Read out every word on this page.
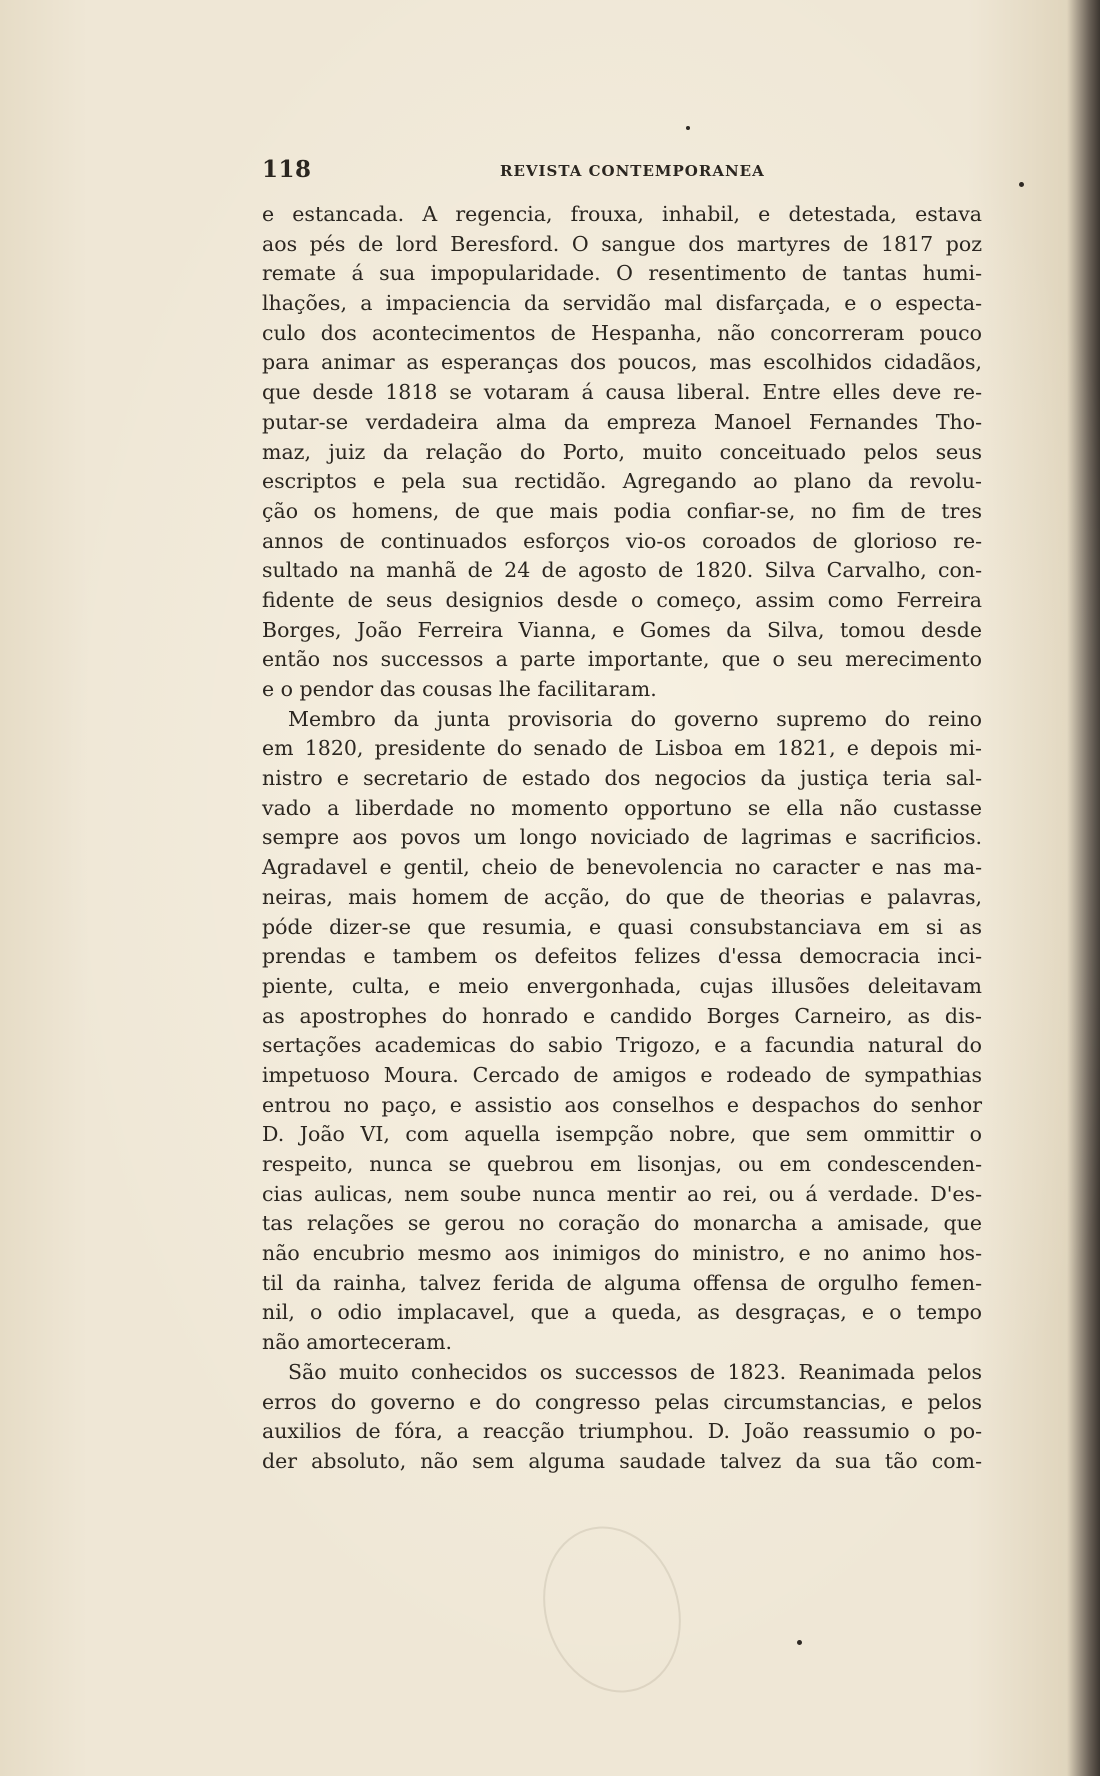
118	REVISTA CONTEMPORANEA
e estancada. A regencia, frouxa, inhabil, e detestada, estava
aos pés de lord Beresford. O sangue dos martyres de 1817 poz
remate á sua impopularidade. O resentimento de tantas humi-
lhações, a impaciencia da servidão mal disfarçada, e o especta-
culo dos acontecimentos de Hespanha, não concorreram pouco
para animar as esperanças dos poucos, mas escolhidos cidadãos,
que desde 1818 se votaram á causa liberal. Entre elles deve re-
putar-se verdadeira alma da empreza Manoel Fernandes Tho-
maz, juiz da relação do Porto, muito conceituado pelos seus
escriptos e pela sua rectidão. Agregando ao plano da revolu-
ção os homens, de que mais podia confiar-se, no fim de tres
annos de continuados esforços vio-os coroados de glorioso re-
sultado na manhã de 24 de agosto de 1820. Silva Carvalho, con-
fidente de seus designios desde o começo, assim como Ferreira
Borges, João Ferreira Vianna, e Gomes da Silva, tomou desde
então nos successos a parte importante, que o seu merecimento
e o pendor das cousas lhe facilitaram.
Membro da junta provisoria do governo supremo do reino
em 1820, presidente do senado de Lisboa em 1821, e depois mi-
nistro e secretario de estado dos negocios da justiça teria sal-
vado a liberdade no momento opportuno se ella não custasse
sempre aos povos um longo noviciado de lagrimas e sacrificios.
Agradavel e gentil, cheio de benevolencia no caracter e nas ma-
neiras, mais homem de acção, do que de theorias e palavras,
póde dizer-se que resumia, e quasi consubstanciava em si as
prendas e tambem os defeitos felizes d'essa democracia inci-
piente, culta, e meio envergonhada, cujas illusões deleitavam
as apostrophes do honrado e candido Borges Carneiro, as dis-
sertações academicas do sabio Trigozo, e a facundia natural do
impetuoso Moura. Cercado de amigos e rodeado de sympathias
entrou no paço, e assistio aos conselhos e despachos do senhor
D. João VI, com aquella isempção nobre, que sem ommittir o
respeito, nunca se quebrou em lisonjas, ou em condescenden-
cias aulicas, nem soube nunca mentir ao rei, ou á verdade. D'es-
tas relações se gerou no coração do monarcha a amisade, que
não encubrio mesmo aos inimigos do ministro, e no animo hos-
til da rainha, talvez ferida de alguma offensa de orgulho femen-
nil, o odio implacavel, que a queda, as desgraças, e o tempo
não amorteceram.
São muito conhecidos os successos de 1823. Reanimada pelos
erros do governo e do congresso pelas circumstancias, e pelos
auxilios de fóra, a reacção triumphou. D. João reassumio o po-
der absoluto, não sem alguma saudade talvez da sua tão com-
